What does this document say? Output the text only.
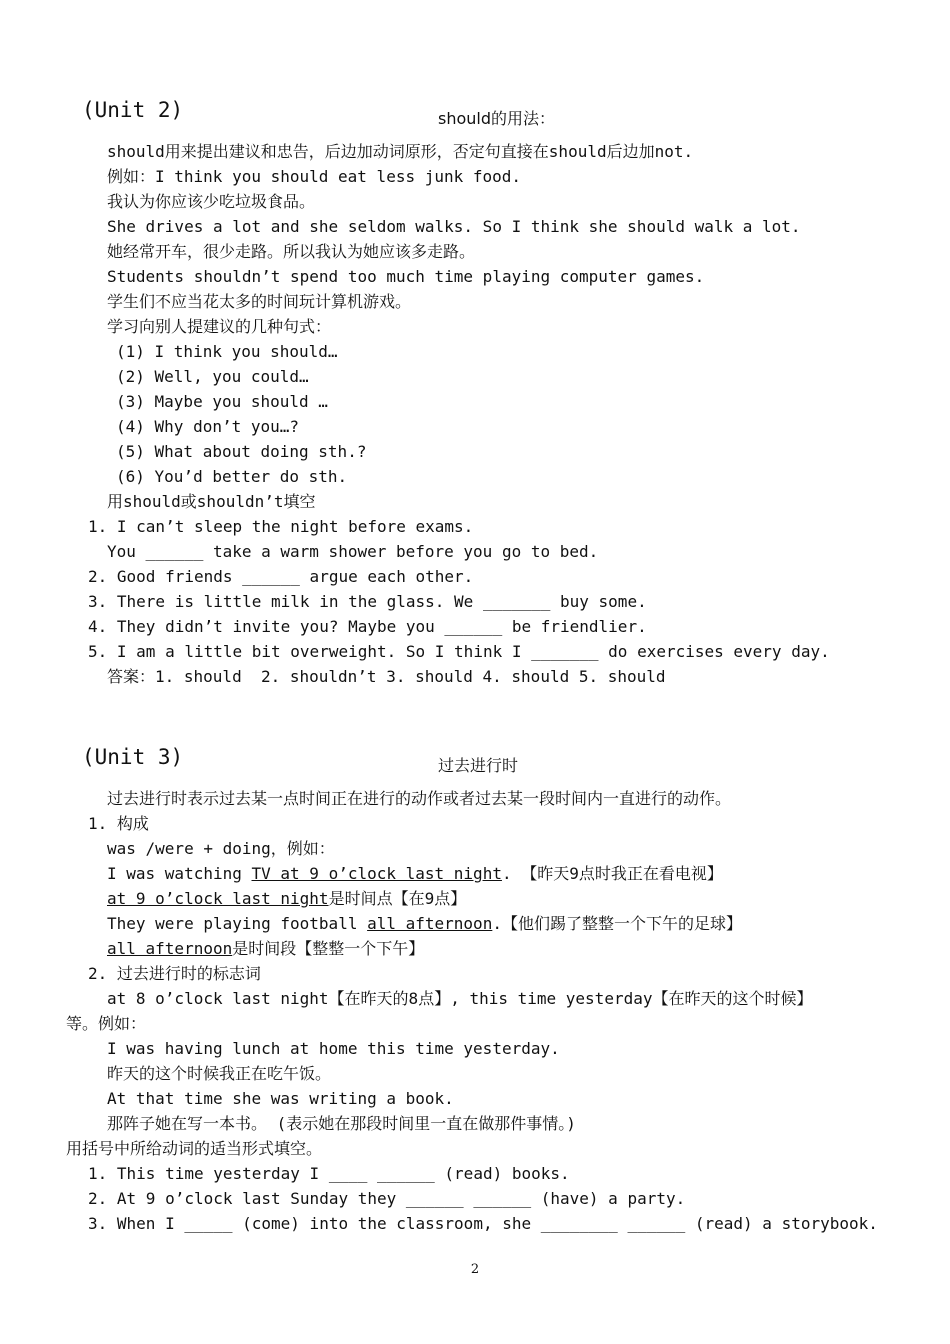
(Unit 2)	should的用法：
should用来提出建议和忠告，后边加动词原形，否定句直接在should后边加not.
例如：I think you should eat less junk food.
我认为你应该少吃垃圾食品。
She drives a lot and she seldom walks. So I think she should walk a lot.
她经常开车，很少走路。所以我认为她应该多走路。
Students shouldn’t spend too much time playing computer games.
学生们不应当花太多的时间玩计算机游戏。
学习向别人提建议的几种句式：
(1) I think you should…
(2) Well, you could…
(3) Maybe you should …
(4) Why don’t you…?
(5) What about doing sth.?
(6) You’d better do sth.
用should或shouldn’t填空
1. I can’t sleep the night before exams.
You ______ take a warm shower before you go to bed.
2. Good friends ______ argue each other.
3. There is little milk in the glass. We _______ buy some.
4. They didn’t invite you? Maybe you ______ be friendlier.
5. I am a little bit overweight. So I think I _______ do exercises every day.
答案：1. should  2. shouldn’t 3. should 4. should 5. should
(Unit 3)	过去进行时
过去进行时表示过去某一点时间正在进行的动作或者过去某一段时间内一直进行的动作。
1. 构成
was /were + doing，例如：
I was watching TV at 9 o’clock last night. 【昨天9点时我正在看电视】
at 9 o’clock last night是时间点【在9点】
They were playing football all afternoon.【他们踢了整整一个下午的足球】
all afternoon是时间段【整整一个下午】
2. 过去进行时的标志词
at 8 o’clock last night【在昨天的8点】, this time yesterday【在昨天的这个时候】
等。例如：
I was having lunch at home this time yesterday.
昨天的这个时候我正在吃午饭。
At that time she was writing a book.
那阵子她在写一本书。 (表示她在那段时间里一直在做那件事情。)
用括号中所给动词的适当形式填空。
1. This time yesterday I ____ ______ (read) books.
2. At 9 o’clock last Sunday they ______ ______ (have) a party.
3. When I _____ (come) into the classroom, she ________ ______ (read) a storybook.
2
